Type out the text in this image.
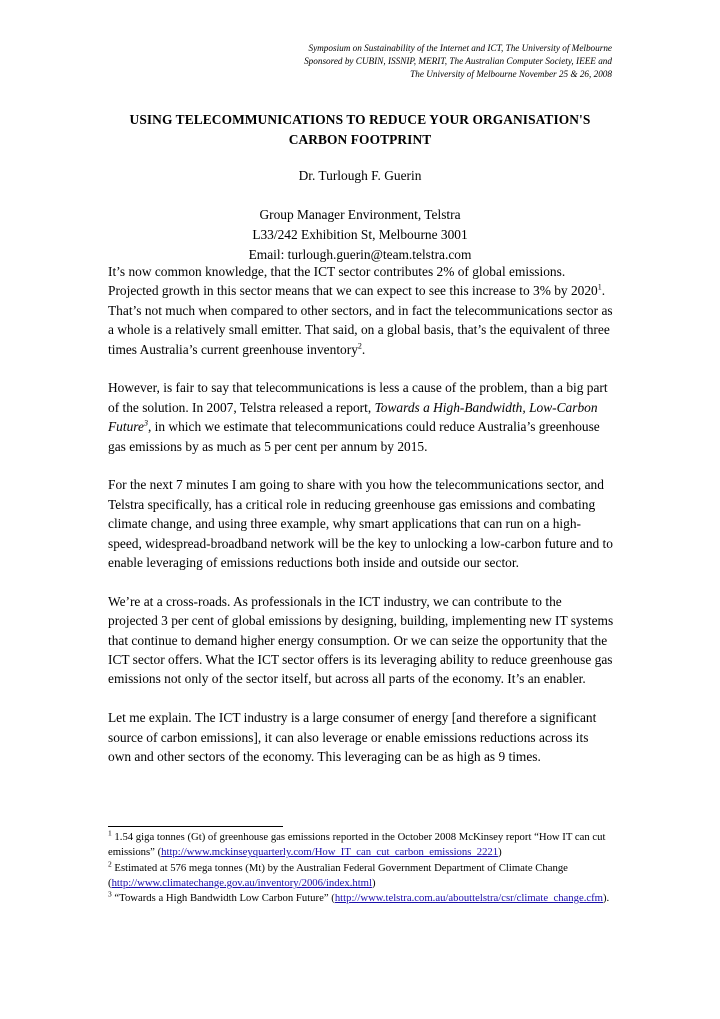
Symposium on Sustainability of the Internet and ICT, The University of Melbourne
Sponsored by CUBIN, ISSNIP, MERIT, The Australian Computer Society, IEEE and
The University of Melbourne November 25 & 26, 2008
USING TELECOMMUNICATIONS TO REDUCE YOUR ORGANISATION'S
CARBON FOOTPRINT
Dr. Turlough F. Guerin
Group Manager Environment, Telstra
L33/242 Exhibition St, Melbourne 3001
Email: turlough.guerin@team.telstra.com

It’s now common knowledge, that the ICT sector contributes 2% of global emissions. Projected growth in this sector means that we can expect to see this increase to 3% by 2020$^1$. That’s not much when compared to other sectors, and in fact the telecommunications sector as a whole is a relatively small emitter. That said, on a global basis, that’s the equivalent of three times Australia’s current greenhouse inventory$^2$.

However, is fair to say that telecommunications is less a cause of the problem, than a big part of the solution. In 2007, Telstra released a report, Towards a High-Bandwidth, Low-Carbon Future$^3$, in which we estimate that telecommunications could reduce Australia’s greenhouse gas emissions by as much as 5 per cent per annum by 2015.

For the next 7 minutes I am going to share with you how the telecommunications sector, and Telstra specifically, has a critical role in reducing greenhouse gas emissions and combating climate change, and using three example, why smart applications that can run on a high-speed, widespread-broadband network will be the key to unlocking a low-carbon future and to enable leveraging of emissions reductions both inside and outside our sector.

We’re at a cross-roads. As professionals in the ICT industry, we can contribute to the projected 3 per cent of global emissions by designing, building, implementing new IT systems that continue to demand higher energy consumption. Or we can seize the opportunity that the ICT sector offers. What the ICT sector offers is its leveraging ability to reduce greenhouse gas emissions not only of the sector itself, but across all parts of the economy. It’s an enabler.

Let me explain. The ICT industry is a large consumer of energy [and therefore a significant source of carbon emissions], it can also leverage or enable emissions reductions across its own and other sectors of the economy. This leveraging can be as high as 9 times.

$^1$ 1.54 giga tonnes (Gt) of greenhouse gas emissions reported in the October 2008 McKinsey report “How IT can cut emissions” (http://www.mckinseyquarterly.com/How_IT_can_cut_carbon_emissions_2221)
$^2$ Estimated at 576 mega tonnes (Mt) by the Australian Federal Government Department of Climate Change (http://www.climatechange.gov.au/inventory/2006/index.html)
$^3$ “Towards a High Bandwidth Low Carbon Future” (http://www.telstra.com.au/abouttelstra/csr/climate_change.cfm).
